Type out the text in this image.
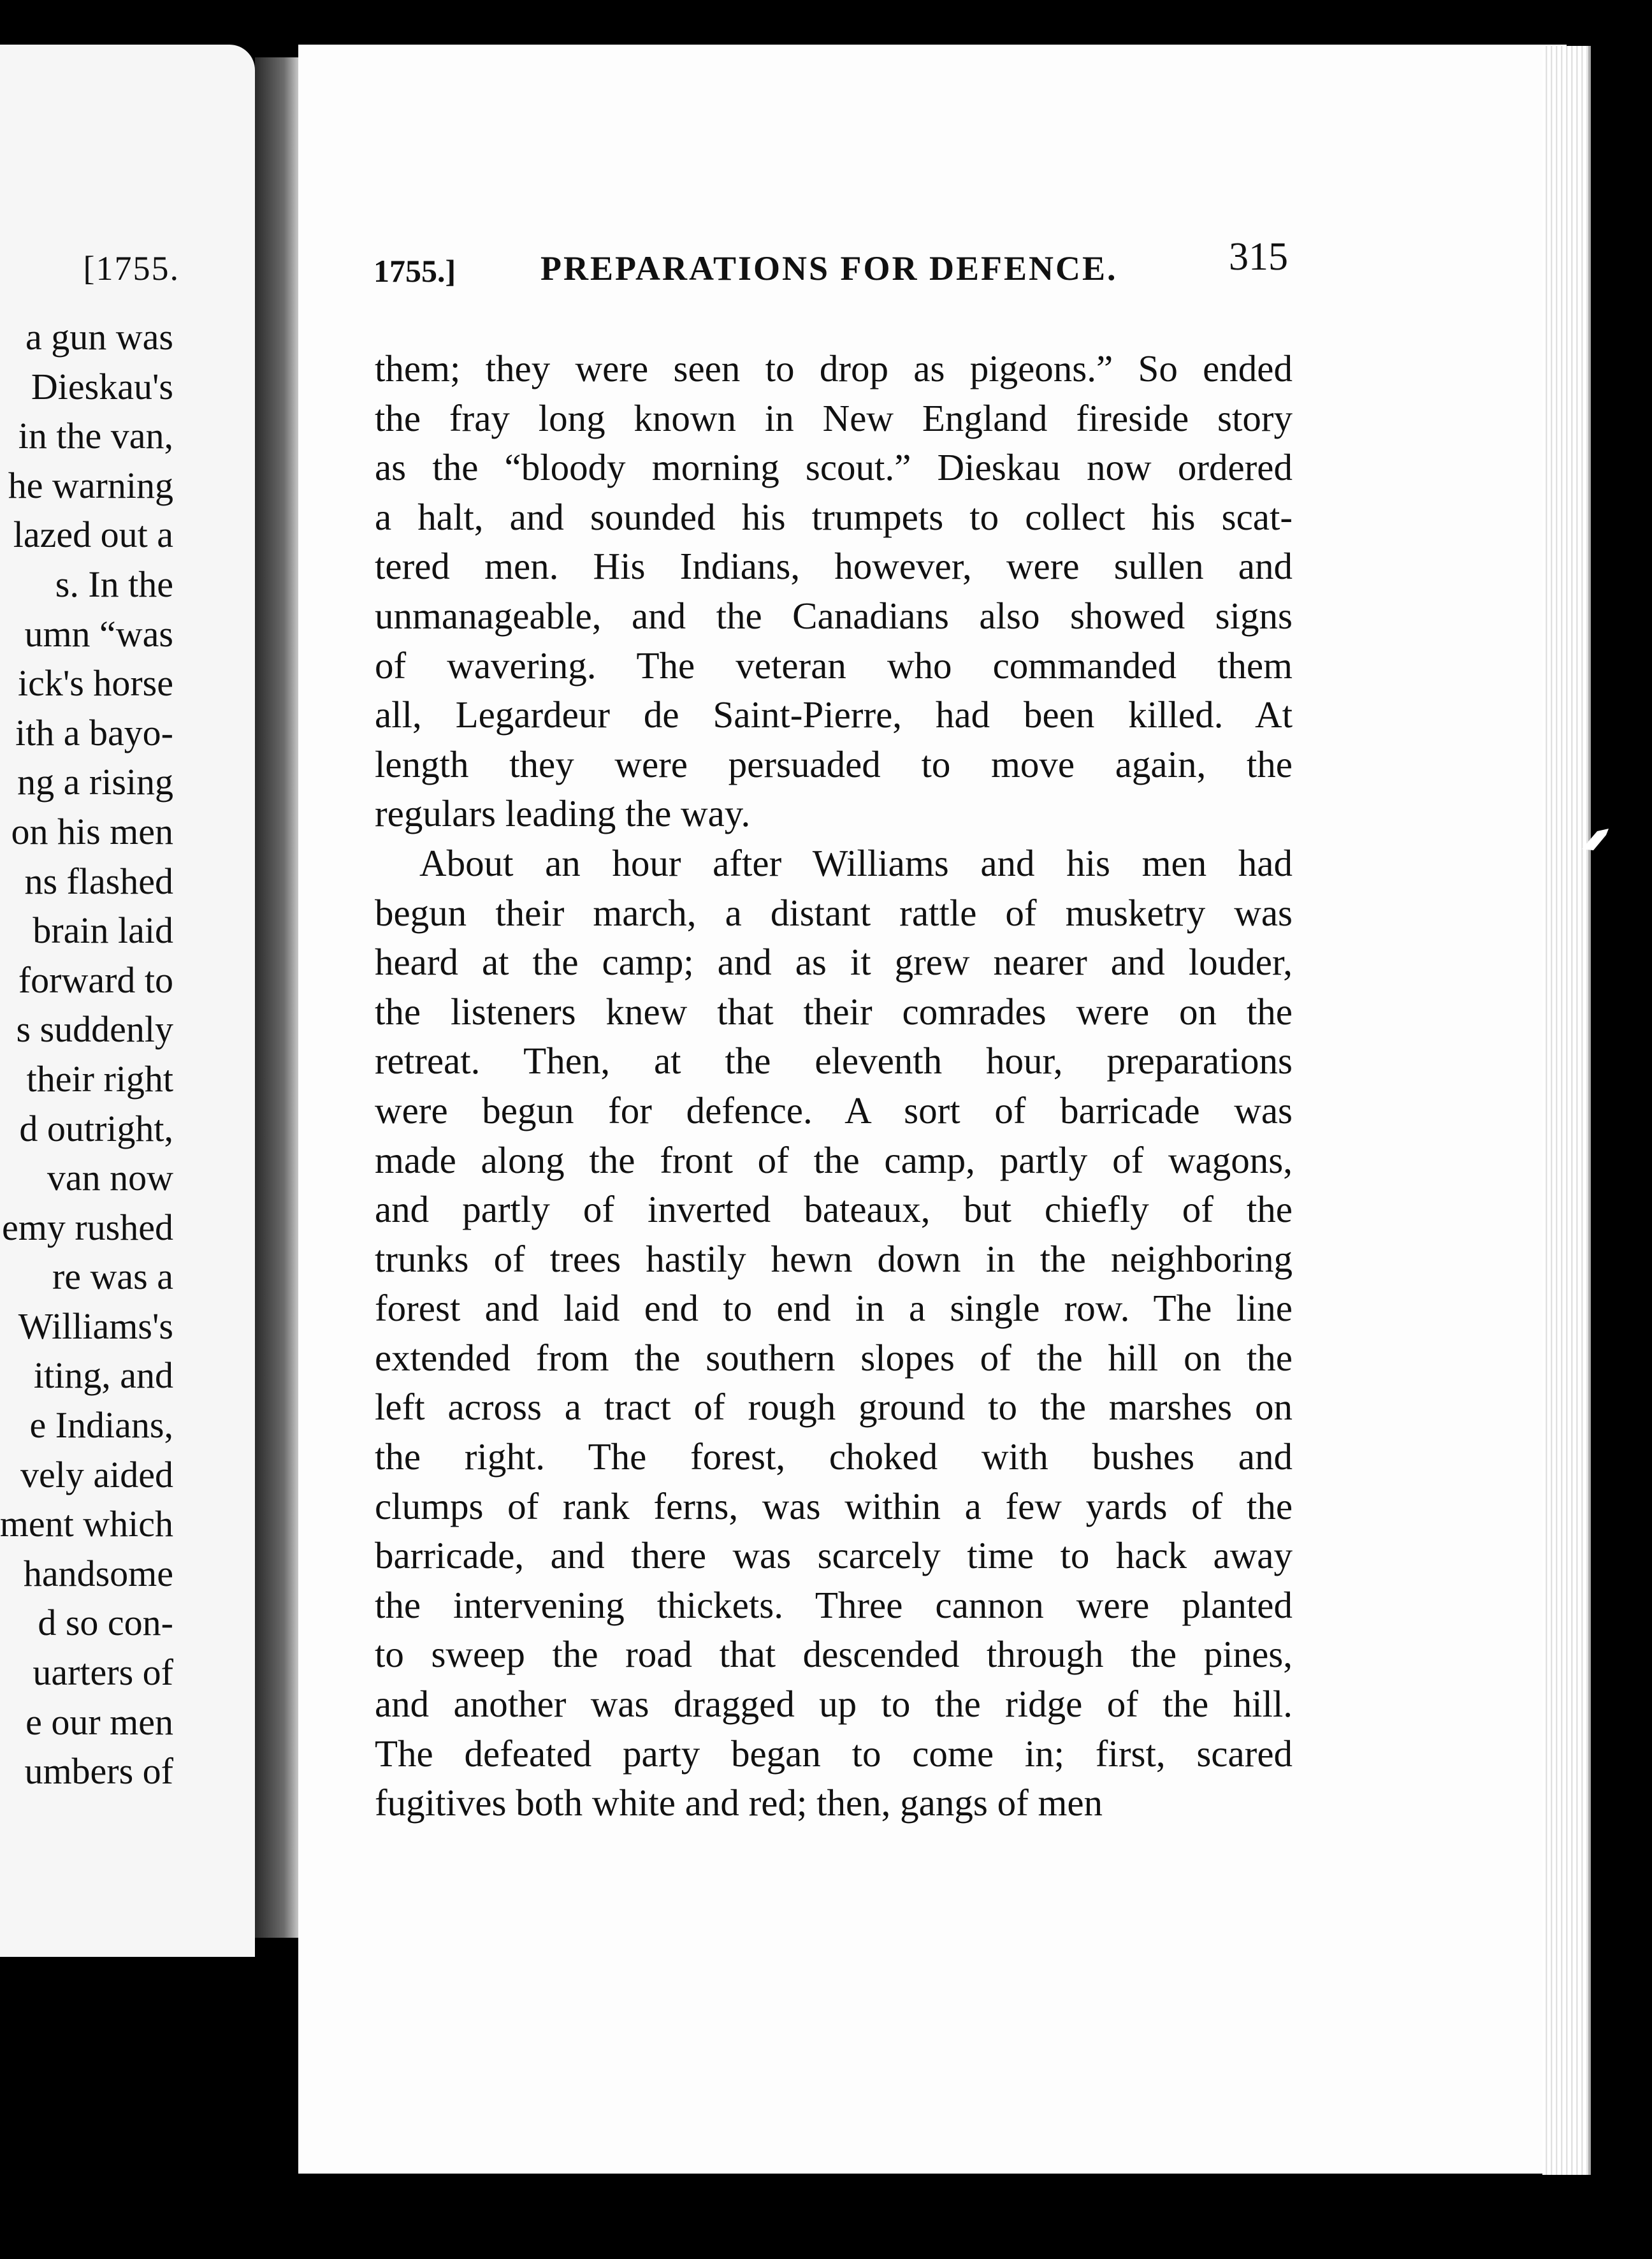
[1755.
a gun was
Dieskau's
in the van,
he warning
lazed out a
s. In the
umn “was
ick's horse
ith a bayo-
ng a rising
on his men
ns flashed
brain laid
forward to
s suddenly
their right
d outright,
van now
emy rushed
re was a
Williams's
iting, and
e Indians,
vely aided
ment which
handsome
d so con-
uarters of
e our men
umbers of
1755.] PREPARATIONS FOR DEFENCE.	315
them; they were seen to drop as pigeons.” So ended
the fray long known in New England fireside story
as the “bloody morning scout.” Dieskau now ordered
a halt, and sounded his trumpets to collect his scat-
tered men. His Indians, however, were sullen and
unmanageable, and the Canadians also showed signs
of wavering. The veteran who commanded them
all, Legardeur de Saint-Pierre, had been killed. At
length they were persuaded to move again, the
regulars leading the way.
About an hour after Williams and his men had
begun their march, a distant rattle of musketry was
heard at the camp; and as it grew nearer and louder,
the listeners knew that their comrades were on the
retreat. Then, at the eleventh hour, preparations
were begun for defence. A sort of barricade was
made along the front of the camp, partly of wagons,
and partly of inverted bateaux, but chiefly of the
trunks of trees hastily hewn down in the neighboring
forest and laid end to end in a single row. The line
extended from the southern slopes of the hill on the
left across a tract of rough ground to the marshes on
the right. The forest, choked with bushes and
clumps of rank ferns, was within a few yards of the
barricade, and there was scarcely time to hack away
the intervening thickets. Three cannon were planted
to sweep the road that descended through the pines,
and another was dragged up to the ridge of the hill.
The defeated party began to come in; first, scared
fugitives both white and red; then, gangs of men
